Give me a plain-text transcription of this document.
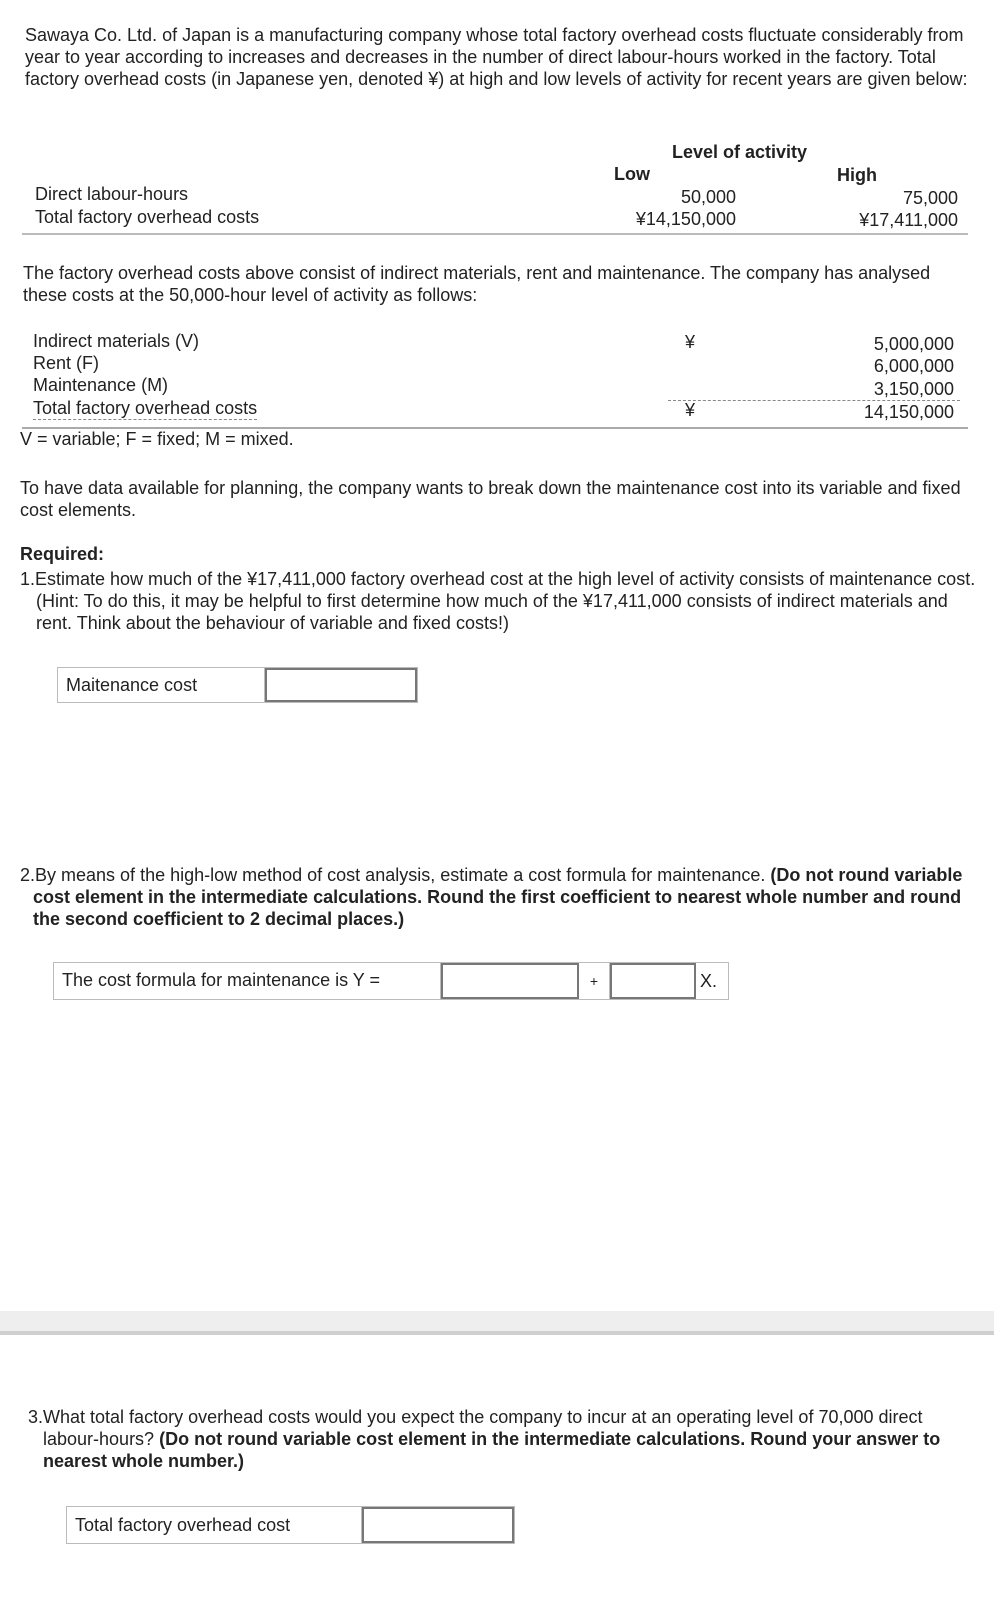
Sawaya Co. Ltd. of Japan is a manufacturing company whose total factory overhead costs fluctuate considerably from year to year according to increases and decreases in the number of direct labour-hours worked in the factory. Total factory overhead costs (in Japanese yen, denoted ¥) at high and low levels of activity for recent years are given below:

Level of activity
Low	High
Direct labour-hours	50,000	75,000
Total factory overhead costs	¥14,150,000	¥17,411,000

The factory overhead costs above consist of indirect materials, rent and maintenance. The company has analysed these costs at the 50,000-hour level of activity as follows:

Indirect materials (V)	¥	5,000,000
Rent (F)	6,000,000
Maintenance (M)	3,150,000
Total factory overhead costs	¥	14,150,000
V = variable; F = fixed; M = mixed.

To have data available for planning, the company wants to break down the maintenance cost into its variable and fixed cost elements.

Required:
1.Estimate how much of the ¥17,411,000 factory overhead cost at the high level of activity consists of maintenance cost. (Hint: To do this, it may be helpful to first determine how much of the ¥17,411,000 consists of indirect materials and rent. Think about the behaviour of variable and fixed costs!)
Maitenance cost
2.By means of the high-low method of cost analysis, estimate a cost formula for maintenance. (Do not round variable cost element in the intermediate calculations. Round the first coefficient to nearest whole number and round the second coefficient to 2 decimal places.)
The cost formula for maintenance is Y =	+	X.
3.What total factory overhead costs would you expect the company to incur at an operating level of 70,000 direct labour-hours? (Do not round variable cost element in the intermediate calculations. Round your answer to nearest whole number.)
Total factory overhead cost
